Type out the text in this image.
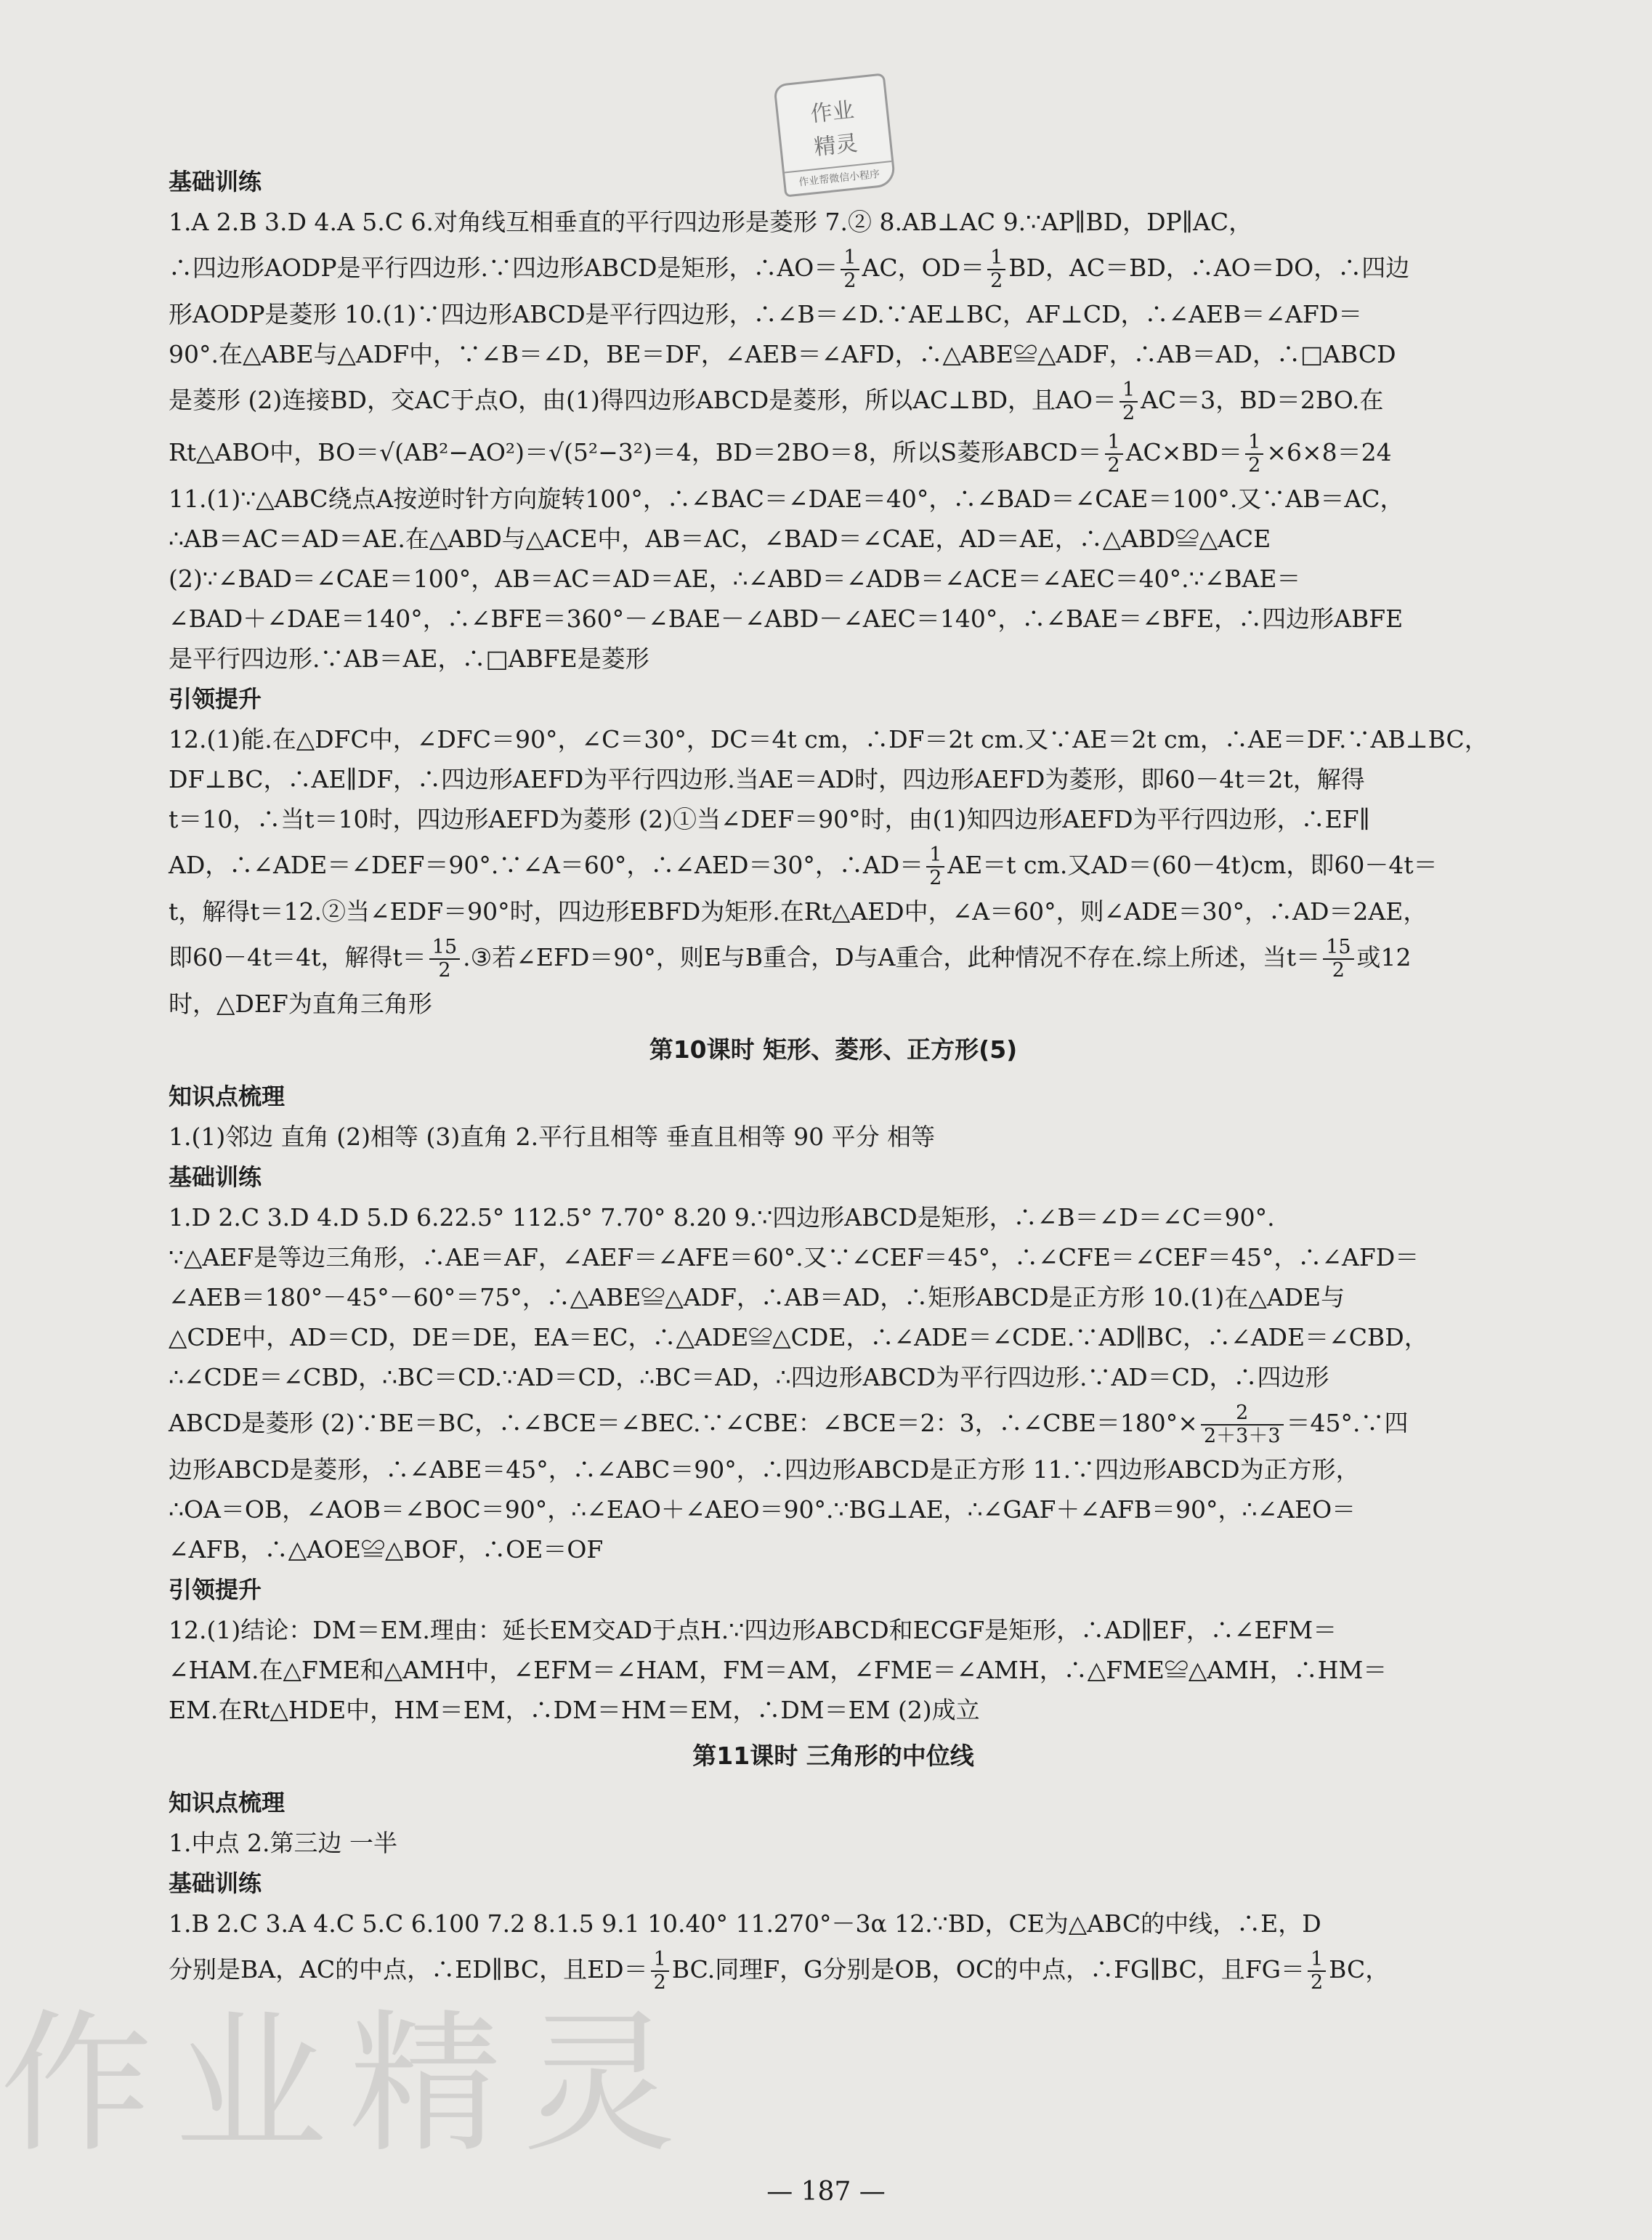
作业
精灵
作业帮微信小程序
基础训练
1.A 2.B 3.D 4.A 5.C 6.对角线互相垂直的平行四边形是菱形 7.② 8.AB⊥AC 9.∵AP∥BD，DP∥AC，
∴四边形AODP是平行四边形.∵四边形ABCD是矩形，∴AO＝ $\frac{1}{2}$ AC，$OD= \frac{1}{2}$ BD，AC＝BD，∴AO＝DO，∴四边
形AODP是菱形 10.(1)∵四边形ABCD是平行四边形，∴∠B＝∠D.∵AE⊥BC，AF⊥CD，∴∠AEB＝∠AFD＝
90°.在△ABE与△ADF中，∵∠B＝∠D，BE＝DF，∠AEB＝∠AFD，∴△ABE≌△ADF，∴AB＝AD，∴□ABCD
是菱形 (2)连接BD，交AC于点O，由(1)得四边形ABCD是菱形，所以AC⊥BD，且$AO= \frac{1}{2} AC=3$，BD＝2BO.在
Rt△ABO中，BO＝√(AB²−AO²)＝√(5²−3²)＝4，BD＝2BO＝8，所以S菱形ABCD＝ $\frac{1}{2} AC\times BD= \frac{1}{2} \times 6\times 8=24$
11.(1)∵△ABC绕点A按逆时针方向旋转100°，∴∠BAC＝∠DAE＝40°，∴∠BAD＝∠CAE＝100°.又∵AB＝AC，
∴AB＝AC＝AD＝AE.在△ABD与△ACE中，AB＝AC，∠BAD＝∠CAE，AD＝AE，∴△ABD≌△ACE
(2)∵∠BAD＝∠CAE＝100°，AB＝AC＝AD＝AE，∴∠ABD＝∠ADB＝∠ACE＝∠AEC＝40°.∵∠BAE＝
∠BAD＋∠DAE＝140°，∴∠BFE＝360°－∠BAE－∠ABD－∠AEC＝140°，∴∠BAE＝∠BFE，∴四边形ABFE
是平行四边形.∵AB＝AE，∴□ABFE是菱形
引领提升
12.(1)能.在△DFC中，∠DFC＝90°，∠C＝30°，DC＝4t cm，∴DF＝2t cm.又∵AE＝2t cm，∴AE＝DF.∵AB⊥BC，
DF⊥BC，∴AE∥DF，∴四边形AEFD为平行四边形.当AE＝AD时，四边形AEFD为菱形，即60－4t＝2t，解得
t＝10，∴当t＝10时，四边形AEFD为菱形 (2)①当∠DEF＝90°时，由(1)知四边形AEFD为平行四边形，∴EF∥
AD，∴∠ADE＝∠DEF＝90°.∵∠A＝60°，∴∠AED＝30°，∴AD＝ $\frac{1}{2} AE=t$ cm.又AD＝(60－4t)cm，即60－4t＝
t，解得t＝12.②当∠EDF＝90°时，四边形EBFD为矩形.在Rt△AED中，∠A＝60°，则∠ADE＝30°，∴AD＝2AE，
即60－4t＝4t，解得$t= \frac{15}{2}$ .③若∠EFD＝90°，则E与B重合，D与A重合，此种情况不存在.综上所述，当$t= \frac{15}{2}$ 或12
时，△DEF为直角三角形
第10课时 矩形、菱形、正方形(5)
知识点梳理
1.(1)邻边 直角 (2)相等 (3)直角 2.平行且相等 垂直且相等 90 平分 相等
基础训练
1.D 2.C 3.D 4.D 5.D 6.22.5° 112.5° 7.70° 8.20 9.∵四边形ABCD是矩形，∴∠B＝∠D＝∠C＝90°.
∵△AEF是等边三角形，∴AE＝AF，∠AEF＝∠AFE＝60°.又∵∠CEF＝45°，∴∠CFE＝∠CEF＝45°，∴∠AFD＝
∠AEB＝180°－45°－60°＝75°，∴△ABE≌△ADF，∴AB＝AD，∴矩形ABCD是正方形 10.(1)在△ADE与
△CDE中，AD＝CD，DE＝DE，EA＝EC，∴△ADE≌△CDE，∴∠ADE＝∠CDE.∵AD∥BC，∴∠ADE＝∠CBD，
∴∠CDE＝∠CBD，∴BC＝CD.∵AD＝CD，∴BC＝AD，∴四边形ABCD为平行四边形.∵AD＝CD，∴四边形
ABCD是菱形 (2)∵BE＝BC，∴∠BCE＝∠BEC.∵∠CBE：∠BCE＝2：3，∴∠CBE＝180°× $\frac{2}{2+3+3}$ ＝45°.∵四
边形ABCD是菱形，∴∠ABE＝45°，∴∠ABC＝90°，∴四边形ABCD是正方形 11.∵四边形ABCD为正方形，
∴OA＝OB，∠AOB＝∠BOC＝90°，∴∠EAO＋∠AEO＝90°.∵BG⊥AE，∴∠GAF＋∠AFB＝90°，∴∠AEO＝
∠AFB，∴△AOE≌△BOF，∴OE＝OF
引领提升
12.(1)结论：DM＝EM.理由：延长EM交AD于点H.∵四边形ABCD和ECGF是矩形，∴AD∥EF，∴∠EFM＝
∠HAM.在△FME和△AMH中，∠EFM＝∠HAM，FM＝AM，∠FME＝∠AMH，∴△FME≌△AMH，∴HM＝
EM.在Rt△HDE中，HM＝EM，∴DM＝HM＝EM，∴DM＝EM (2)成立
第11课时 三角形的中位线
知识点梳理
1.中点 2.第三边 一半
基础训练
1.B 2.C 3.A 4.C 5.C 6.100 7.2 8.1.5 9.1 10.40° 11.270°－3α 12.∵BD，CE为△ABC的中线，∴E，D
分别是BA，AC的中点，∴ED∥BC，且$ED= \frac{1}{2}$ BC.同理F，G分别是OB，OC的中点，∴FG∥BC，且$FG= \frac{1}{2}$ BC，
作业精灵
— 187 —
